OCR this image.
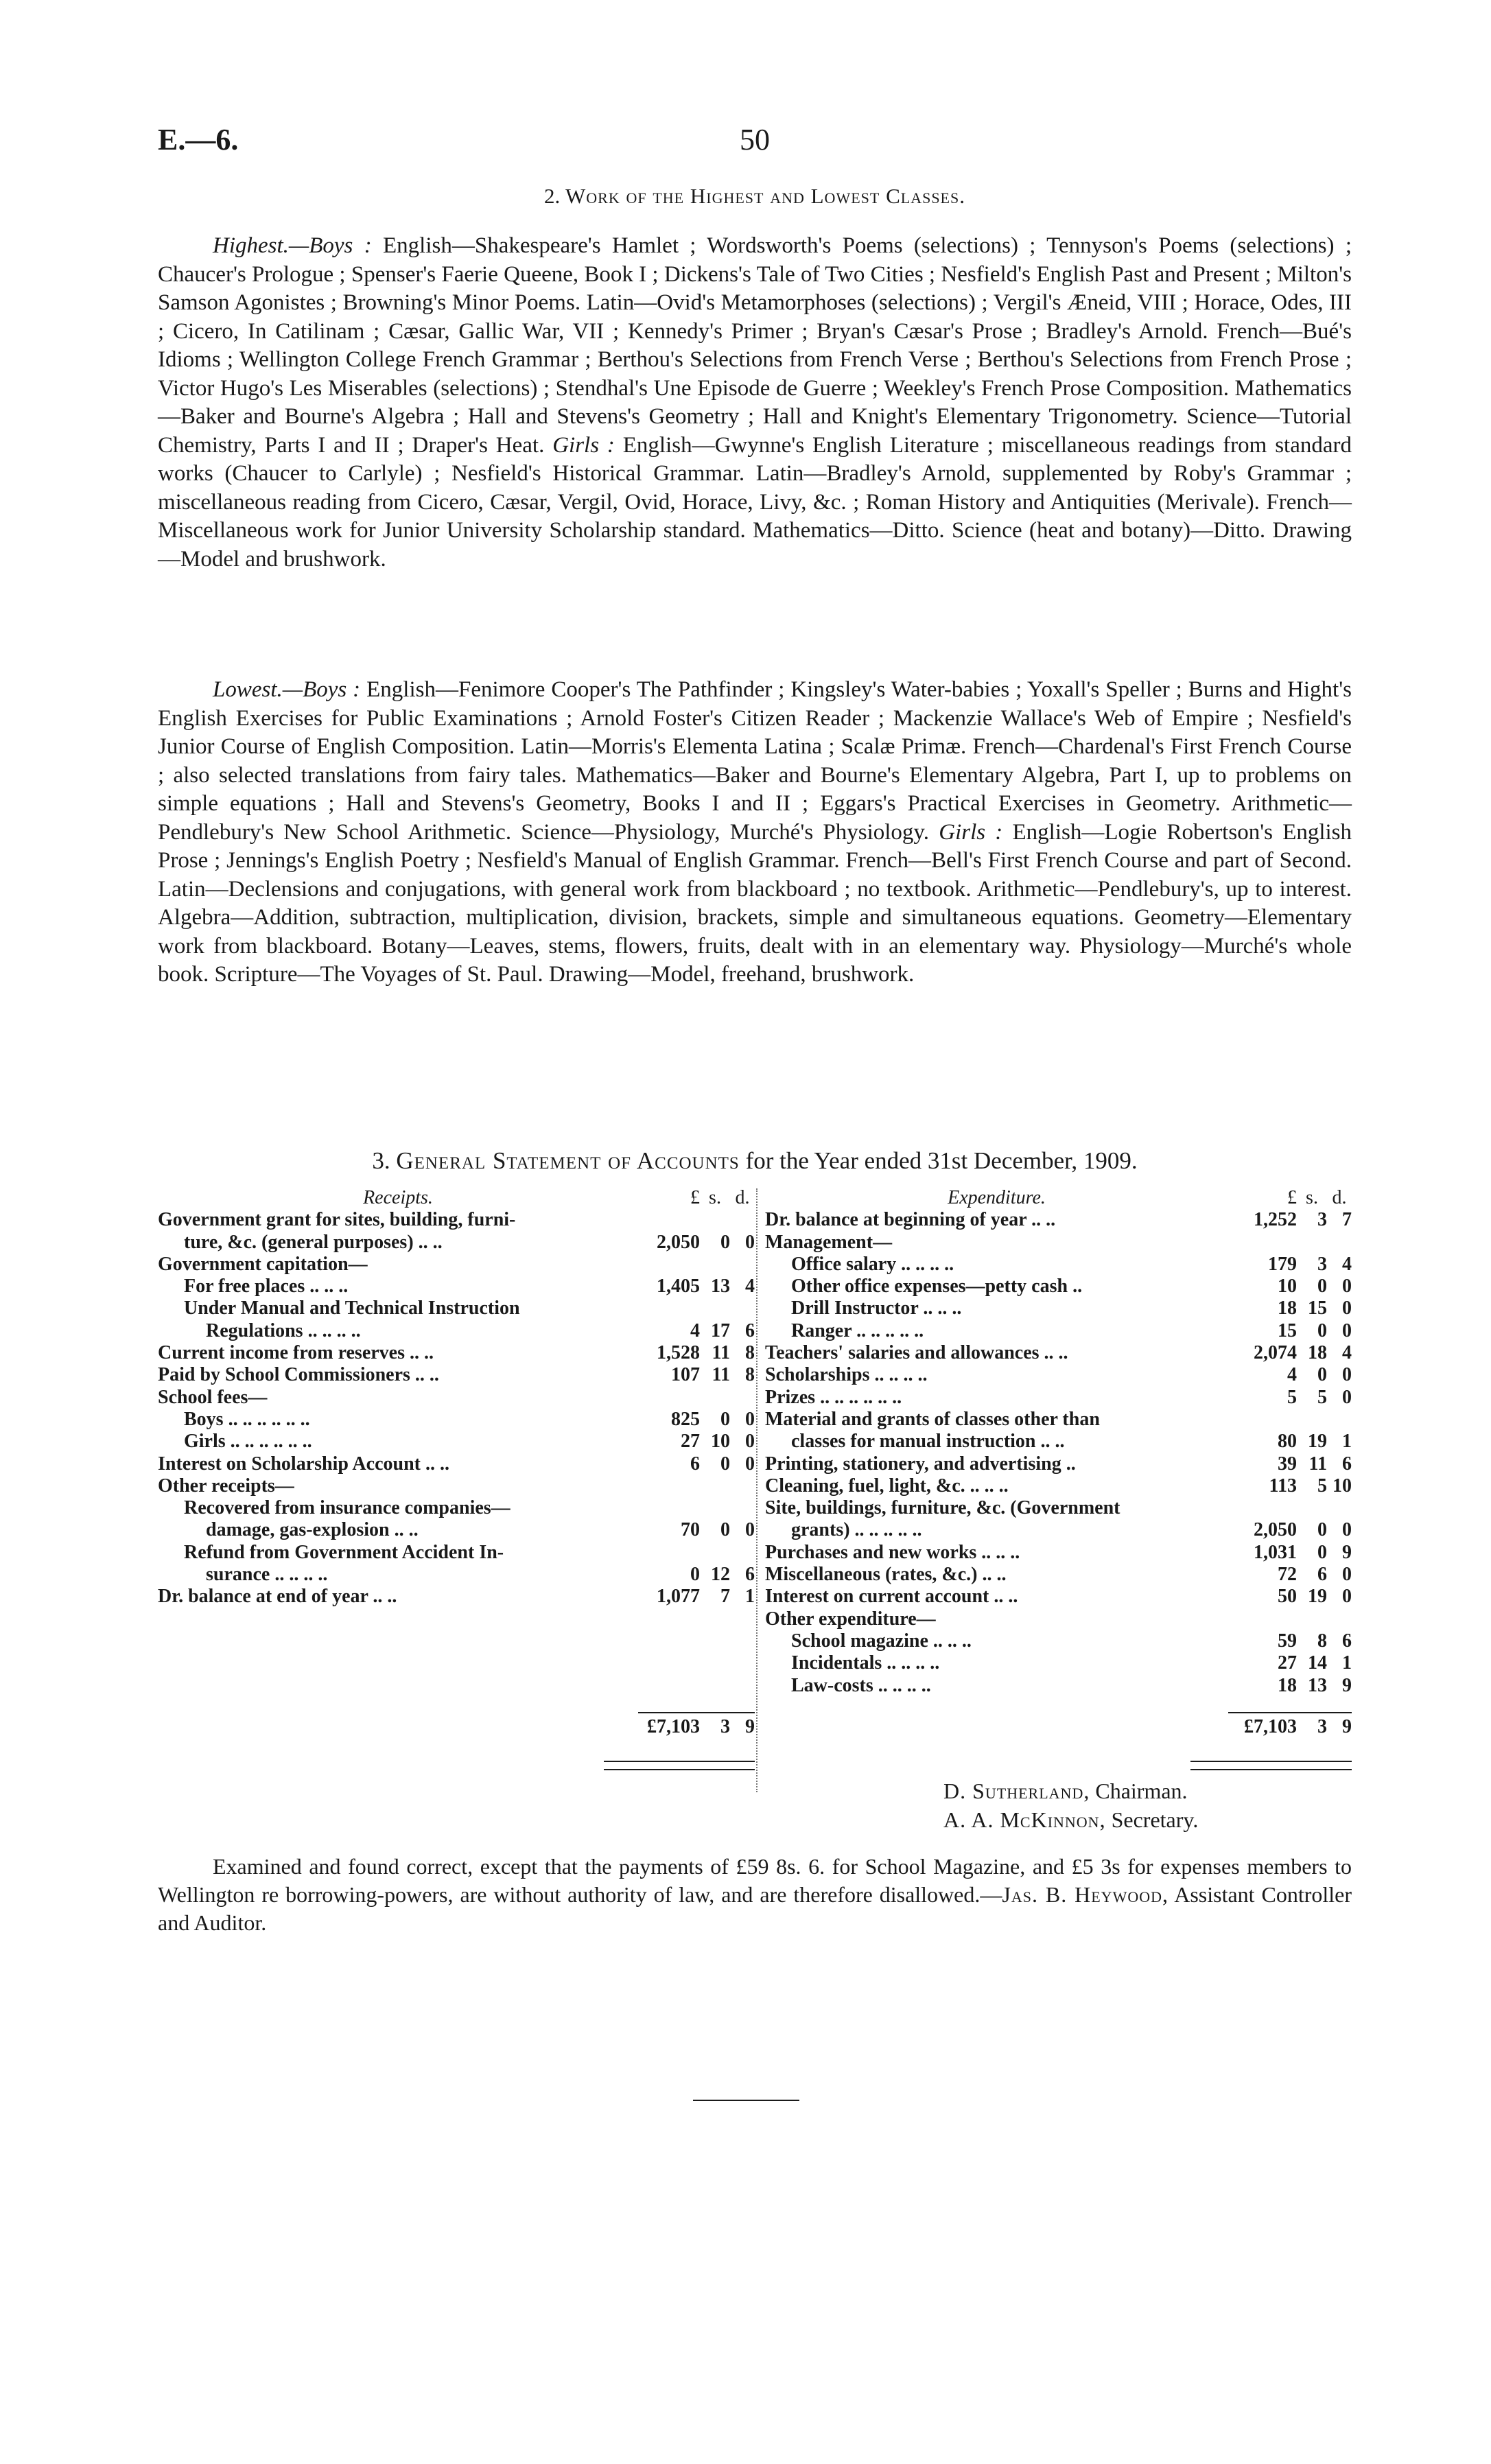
E.—6.	50
2. Work of the Highest and Lowest Classes.

Highest.—Boys : English—Shakespeare's Hamlet ; Wordsworth's Poems (selections) ; Tennyson's Poems (selections) ; Chaucer's Prologue ; Spenser's Faerie Queene, Book I ; Dickens's Tale of Two Cities ; Nesfield's English Past and Present ; Milton's Samson Agonistes ; Browning's Minor Poems. Latin—Ovid's Metamorphoses (selections) ; Vergil's Æneid, VIII ; Horace, Odes, III ; Cicero, In Catilinam ; Cæsar, Gallic War, VII ; Kennedy's Primer ; Bryan's Cæsar's Prose ; Bradley's Arnold. French—Bué's Idioms ; Wellington College French Grammar ; Berthou's Selections from French Verse ; Berthou's Selections from French Prose ; Victor Hugo's Les Miserables (selections) ; Stendhal's Une Episode de Guerre ; Weekley's French Prose Composition. Mathematics—Baker and Bourne's Algebra ; Hall and Stevens's Geometry ; Hall and Knight's Elementary Trigonometry. Science—Tutorial Chemistry, Parts I and II ; Draper's Heat. Girls : English—Gwynne's English Literature ; miscellaneous readings from standard works (Chaucer to Carlyle) ; Nesfield's Historical Grammar. Latin—Bradley's Arnold, supplemented by Roby's Grammar ; miscellaneous reading from Cicero, Cæsar, Vergil, Ovid, Horace, Livy, &c. ; Roman History and Antiquities (Merivale). French—Miscellaneous work for Junior University Scholarship standard. Mathematics—Ditto. Science (heat and botany)—Ditto. Drawing—Model and brushwork.

Lowest.—Boys : English—Fenimore Cooper's The Pathfinder ; Kingsley's Water-babies ; Yoxall's Speller ; Burns and Hight's English Exercises for Public Examinations ; Arnold Foster's Citizen Reader ; Mackenzie Wallace's Web of Empire ; Nesfield's Junior Course of English Composition. Latin—Morris's Elementa Latina ; Scalæ Primæ. French—Chardenal's First French Course ; also selected translations from fairy tales. Mathematics—Baker and Bourne's Elementary Algebra, Part I, up to problems on simple equations ; Hall and Stevens's Geometry, Books I and II ; Eggars's Practical Exercises in Geometry. Arithmetic—Pendlebury's New School Arithmetic. Science—Physiology, Murché's Physiology. Girls : English—Logie Robertson's English Prose ; Jennings's English Poetry ; Nesfield's Manual of English Grammar. French—Bell's First French Course and part of Second. Latin—Declensions and conjugations, with general work from blackboard ; no textbook. Arithmetic—Pendlebury's, up to interest. Algebra—Addition, subtraction, multiplication, division, brackets, simple and simultaneous equations. Geometry—Elementary work from blackboard. Botany—Leaves, stems, flowers, fruits, dealt with in an elementary way. Physiology—Murché's whole book. Scripture—The Voyages of St. Paul. Drawing—Model, freehand, brushwork.

3. General Statement of Accounts for the Year ended 31st December, 1909.
Receipts.	£ s. d.
Government grant for sites, building, furni-
ture, &c. (general purposes) .. ..	2,050	0 0
Government capitation—
For free places .. .. ..	1,405 13 4
Under Manual and Technical Instruction
Regulations .. .. .. ..	4 17 6
Current income from reserves .. ..	1,528 11 8
Paid by School Commissioners .. ..	107 11 8
School fees—
Boys .. .. .. .. .. ..	825	0 0
Girls .. .. .. .. .. ..	27 10 0
Interest on Scholarship Account .. ..	6	0 0
Other receipts—
Recovered from insurance companies—
damage, gas-explosion .. ..	70	0 0
Refund from Government Accident In-
surance .. .. .. ..	0 12 6
Dr. balance at end of year .. ..	1,077	7 1
£7,103	3 9
Expenditure.	£ s. d.
Dr. balance at beginning of year .. ..	1,252	3 7
Management—
Office salary .. .. .. ..	179	3 4
Other office expenses—petty cash ..	10	0 0
Drill Instructor .. .. ..	18 15 0
Ranger .. .. .. .. ..	15	0 0
Teachers' salaries and allowances .. ..	2,074 18 4
Scholarships .. .. .. ..	4	0 0
Prizes .. .. .. .. .. ..	5	5 0
Material and grants of classes other than
classes for manual instruction .. ..	80 19 1
Printing, stationery, and advertising ..	39 11 6
Cleaning, fuel, light, &c. .. .. ..	113	5 10
Site, buildings, furniture, &c. (Government
grants) .. .. .. .. ..	2,050	0 0
Purchases and new works .. .. ..	1,031	0 9
Miscellaneous (rates, &c.) .. ..	72	6 0
Interest on current account .. ..	50 19 0
Other expenditure—
School magazine .. .. ..	59	8 6
Incidentals .. .. .. ..	27 14 1
Law-costs .. .. .. ..	18 13 9
£7,103	3 9
D. Sutherland, Chairman.
A. A. McKinnon, Secretary.

Examined and found correct, except that the payments of £59 8s. 6. for School Magazine, and £5 3s for expenses members to Wellington re borrowing-powers, are without authority of law, and are therefore disallowed.—Jas. B. Heywood, Assistant Controller and Auditor.
